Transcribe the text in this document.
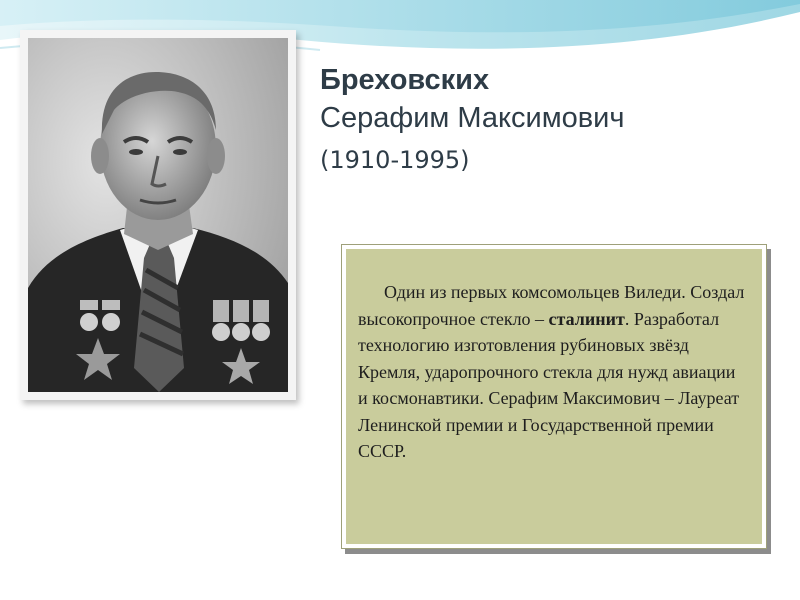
Бреховских
Серафим Максимович
(1910-1995)

Один из первых комсомольцев Виледи. Создал высокопрочное стекло – сталинит. Разработал технологию изготовления рубиновых звёзд Кремля, ударопрочного стекла для нужд авиации и космонавтики. Серафим Максимович – Лауреат Ленинской премии и Государственной премии СССР.
